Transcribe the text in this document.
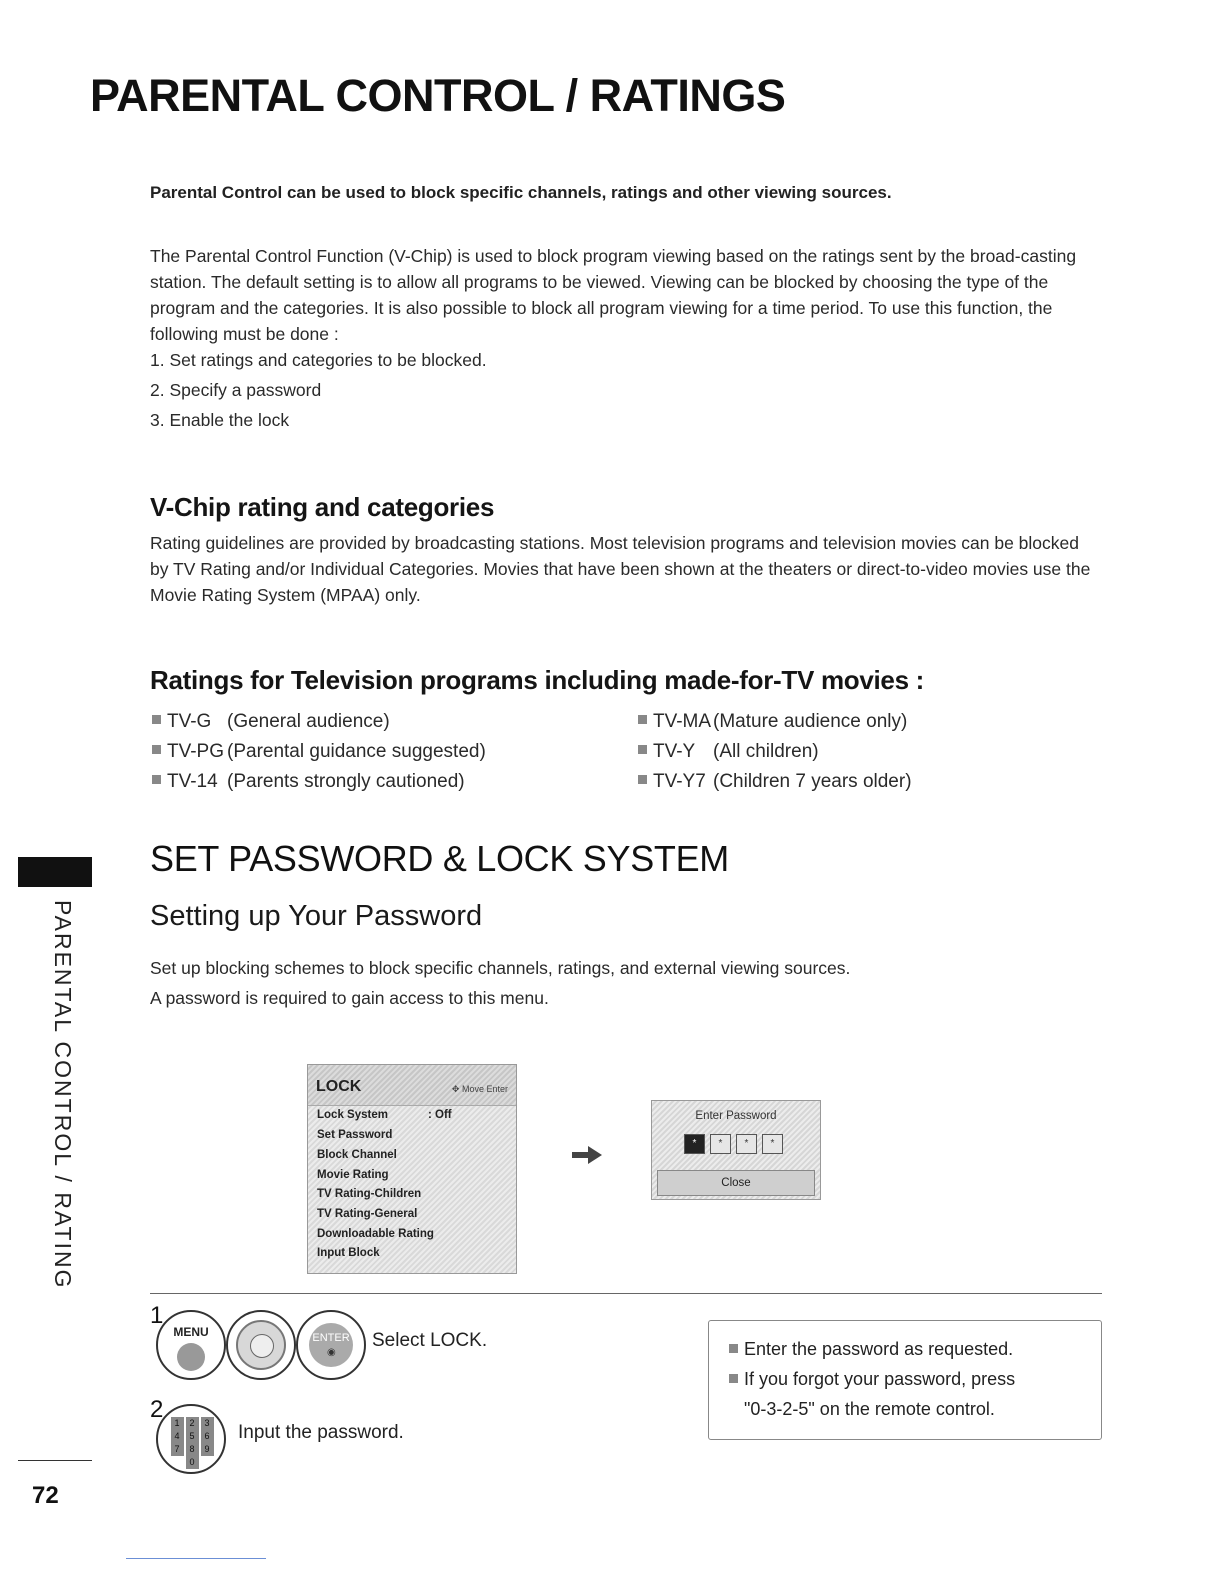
PARENTAL CONTROL / RATINGS
Parental Control can be used to block specific channels, ratings and other viewing sources.
The Parental Control Function (V-Chip) is used to block program viewing based on the ratings sent by the broad-casting station. The default setting is to allow all programs to be viewed. Viewing can be blocked by choosing the type of the program and the categories. It is also possible to block all program viewing for a time period. To use this function, the following must be done :
1. Set ratings and categories to be blocked.
2. Specify a password
3. Enable the lock
V-Chip rating and categories
Rating guidelines are provided by broadcasting stations. Most television programs and television movies can be blocked by TV Rating and/or Individual Categories. Movies that have been shown at the theaters or direct-to-video movies use the Movie Rating System (MPAA) only.
Ratings for Television programs including made-for-TV movies :
TV-G (General audience)
TV-PG (Parental guidance suggested)
TV-14 (Parents strongly cautioned)
TV-MA (Mature audience only)
TV-Y (All children)
TV-Y7 (Children 7 years older)
SET PASSWORD & LOCK SYSTEM
Setting up Your Password
Set up blocking schemes to block specific channels, ratings, and external viewing sources.
A password is required to gain access to this menu.
PARENTAL CONTROL / RATING
72
LOCK	✥ Move Enter
Lock System	: Off
Set Password
Block Channel
Movie Rating
TV Rating-Children
TV Rating-General
Downloadable Rating
Input Block
Enter Password
*	*	*	*
Close
1
MENU	ENTER
◉
Select LOCK.
2	1 2 3
4 5 6
7 8 9
0
Input the password.
Enter the password as requested.
If you forgot your password, press
"0-3-2-5" on the remote control.
